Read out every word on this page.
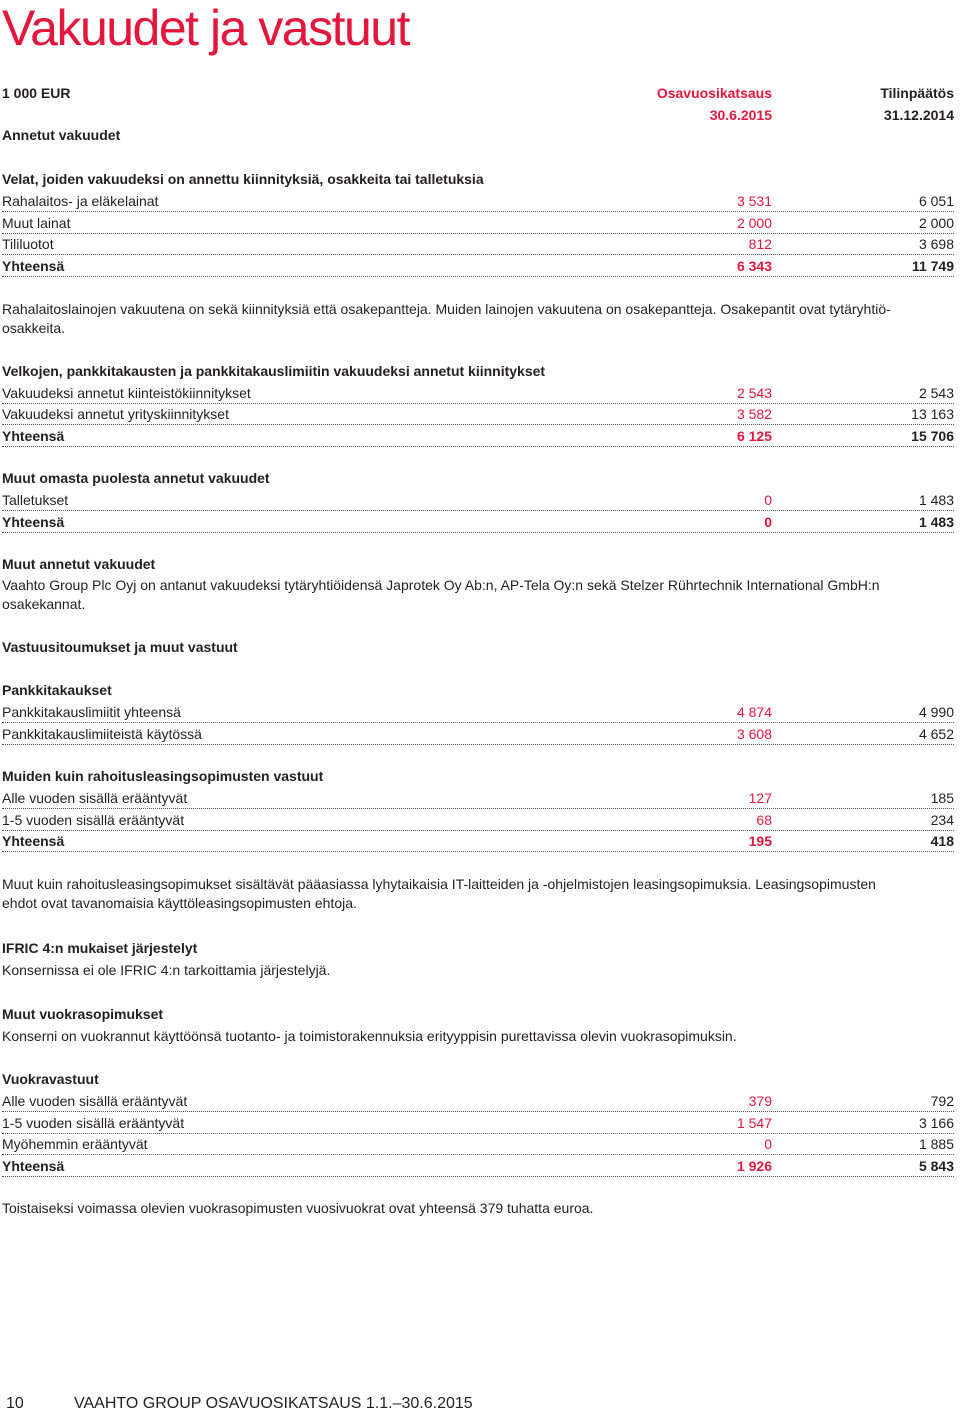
Vakuudet ja vastuut
1 000 EUR
Annetut vakuudet
Osavuosikatsaus
30.6.2015
Tilinpäätös
31.12.2014
Velat, joiden vakuudeksi on annettu kiinnityksiä, osakkeita tai talletuksia
Rahalaitos- ja eläkelainat	3 531	6 051
Muut lainat	2 000	2 000
Tililuotot	812	3 698
Yhteensä	6 343	11 749
Rahalaitoslainojen vakuutena on sekä kiinnityksiä että osakepantteja. Muiden lainojen vakuutena on osakepantteja. Osakepantit ovat tytäryhtiö-
osakkeita.
Velkojen, pankkitakausten ja pankkitakauslimiitin vakuudeksi annetut kiinnitykset
Vakuudeksi annetut kiinteistökiinnitykset	2 543	2 543
Vakuudeksi annetut yrityskiinnitykset	3 582	13 163
Yhteensä	6 125	15 706
Muut omasta puolesta annetut vakuudet
Talletukset	0	1 483
Yhteensä	0	1 483
Muut annetut vakuudet
Vaahto Group Plc Oyj on antanut vakuudeksi tytäryhtiöidensä Japrotek Oy Ab:n, AP-Tela Oy:n sekä Stelzer Rührtechnik International GmbH:n
osakekannat.
Vastuusitoumukset ja muut vastuut
Pankkitakaukset
Pankkitakauslimiitit yhteensä	4 874	4 990
Pankkitakauslimiiteistä käytössä	3 608	4 652
Muiden kuin rahoitusleasingsopimusten vastuut
Alle vuoden sisällä erääntyvät	127	185
1-5 vuoden sisällä erääntyvät	68	234
Yhteensä	195	418
Muut kuin rahoitusleasingsopimukset sisältävät pääasiassa lyhytaikaisia IT-laitteiden ja -ohjelmistojen leasingsopimuksia. Leasingsopimusten
ehdot ovat tavanomaisia käyttöleasingsopimusten ehtoja.
IFRIC 4:n mukaiset järjestelyt
Konsernissa ei ole IFRIC 4:n tarkoittamia järjestelyjä.
Muut vuokrasopimukset
Konserni on vuokrannut käyttöönsä tuotanto- ja toimistorakennuksia erityyppisin purettavissa olevin vuokrasopimuksin.
Vuokravastuut
Alle vuoden sisällä erääntyvät	379	792
1-5 vuoden sisällä erääntyvät	1 547	3 166
Myöhemmin erääntyvät	0	1 885
Yhteensä	1 926	5 843
Toistaiseksi voimassa olevien vuokrasopimusten vuosivuokrat ovat yhteensä 379 tuhatta euroa.
10	VAAHTO GROUP OSAVUOSIKATSAUS 1.1.–30.6.2015
